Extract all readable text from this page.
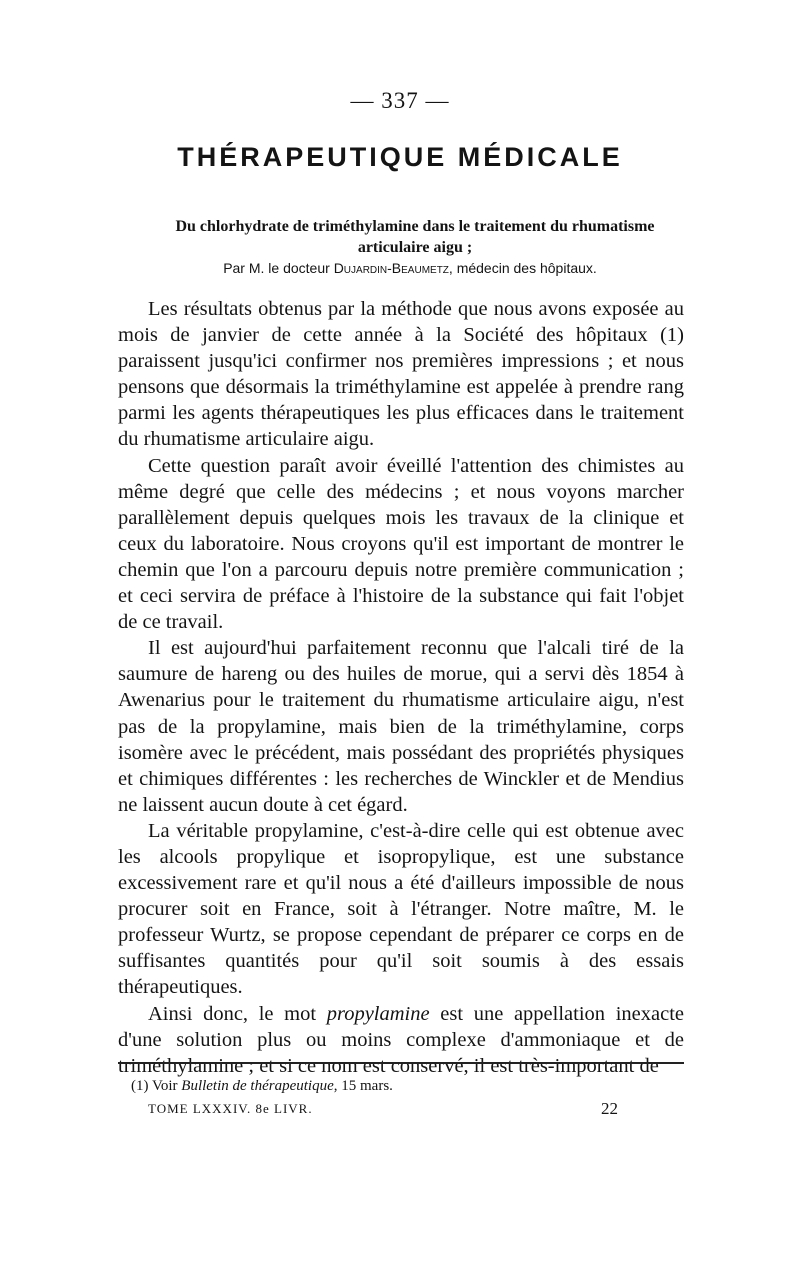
— 337 —
THÉRAPEUTIQUE MÉDICALE
Du chlorhydrate de triméthylamine dans le traitement du rhumatisme articulaire aigu ;
Par M. le docteur Dujardin-Beaumetz, médecin des hôpitaux.

Les résultats obtenus par la méthode que nous avons exposée au mois de janvier de cette année à la Société des hôpitaux (1) paraissent jusqu'ici confirmer nos premières impressions ; et nous pensons que désormais la triméthylamine est appelée à prendre rang parmi les agents thérapeutiques les plus efficaces dans le traitement du rhumatisme articulaire aigu.

Cette question paraît avoir éveillé l'attention des chimistes au même degré que celle des médecins ; et nous voyons marcher parallèlement depuis quelques mois les travaux de la clinique et ceux du laboratoire. Nous croyons qu'il est important de montrer le chemin que l'on a parcouru depuis notre première communication ; et ceci servira de préface à l'histoire de la substance qui fait l'objet de ce travail.

Il est aujourd'hui parfaitement reconnu que l'alcali tiré de la saumure de hareng ou des huiles de morue, qui a servi dès 1854 à Awenarius pour le traitement du rhumatisme articulaire aigu, n'est pas de la propylamine, mais bien de la triméthylamine, corps isomère avec le précédent, mais possédant des propriétés physiques et chimiques différentes : les recherches de Winckler et de Mendius ne laissent aucun doute à cet égard.

La véritable propylamine, c'est-à-dire celle qui est obtenue avec les alcools propylique et isopropylique, est une substance excessivement rare et qu'il nous a été d'ailleurs impossible de nous procurer soit en France, soit à l'étranger. Notre maître, M. le professeur Wurtz, se propose cependant de préparer ce corps en de suffisantes quantités pour qu'il soit soumis à des essais thérapeutiques.

Ainsi donc, le mot propylamine est une appellation inexacte d'une solution plus ou moins complexe d'ammoniaque et de triméthylamine ; et si ce nom est conservé, il est très-important de

(1) Voir Bulletin de thérapeutique, 15 mars.
TOME LXXXIV. 8e LIVR.	22
